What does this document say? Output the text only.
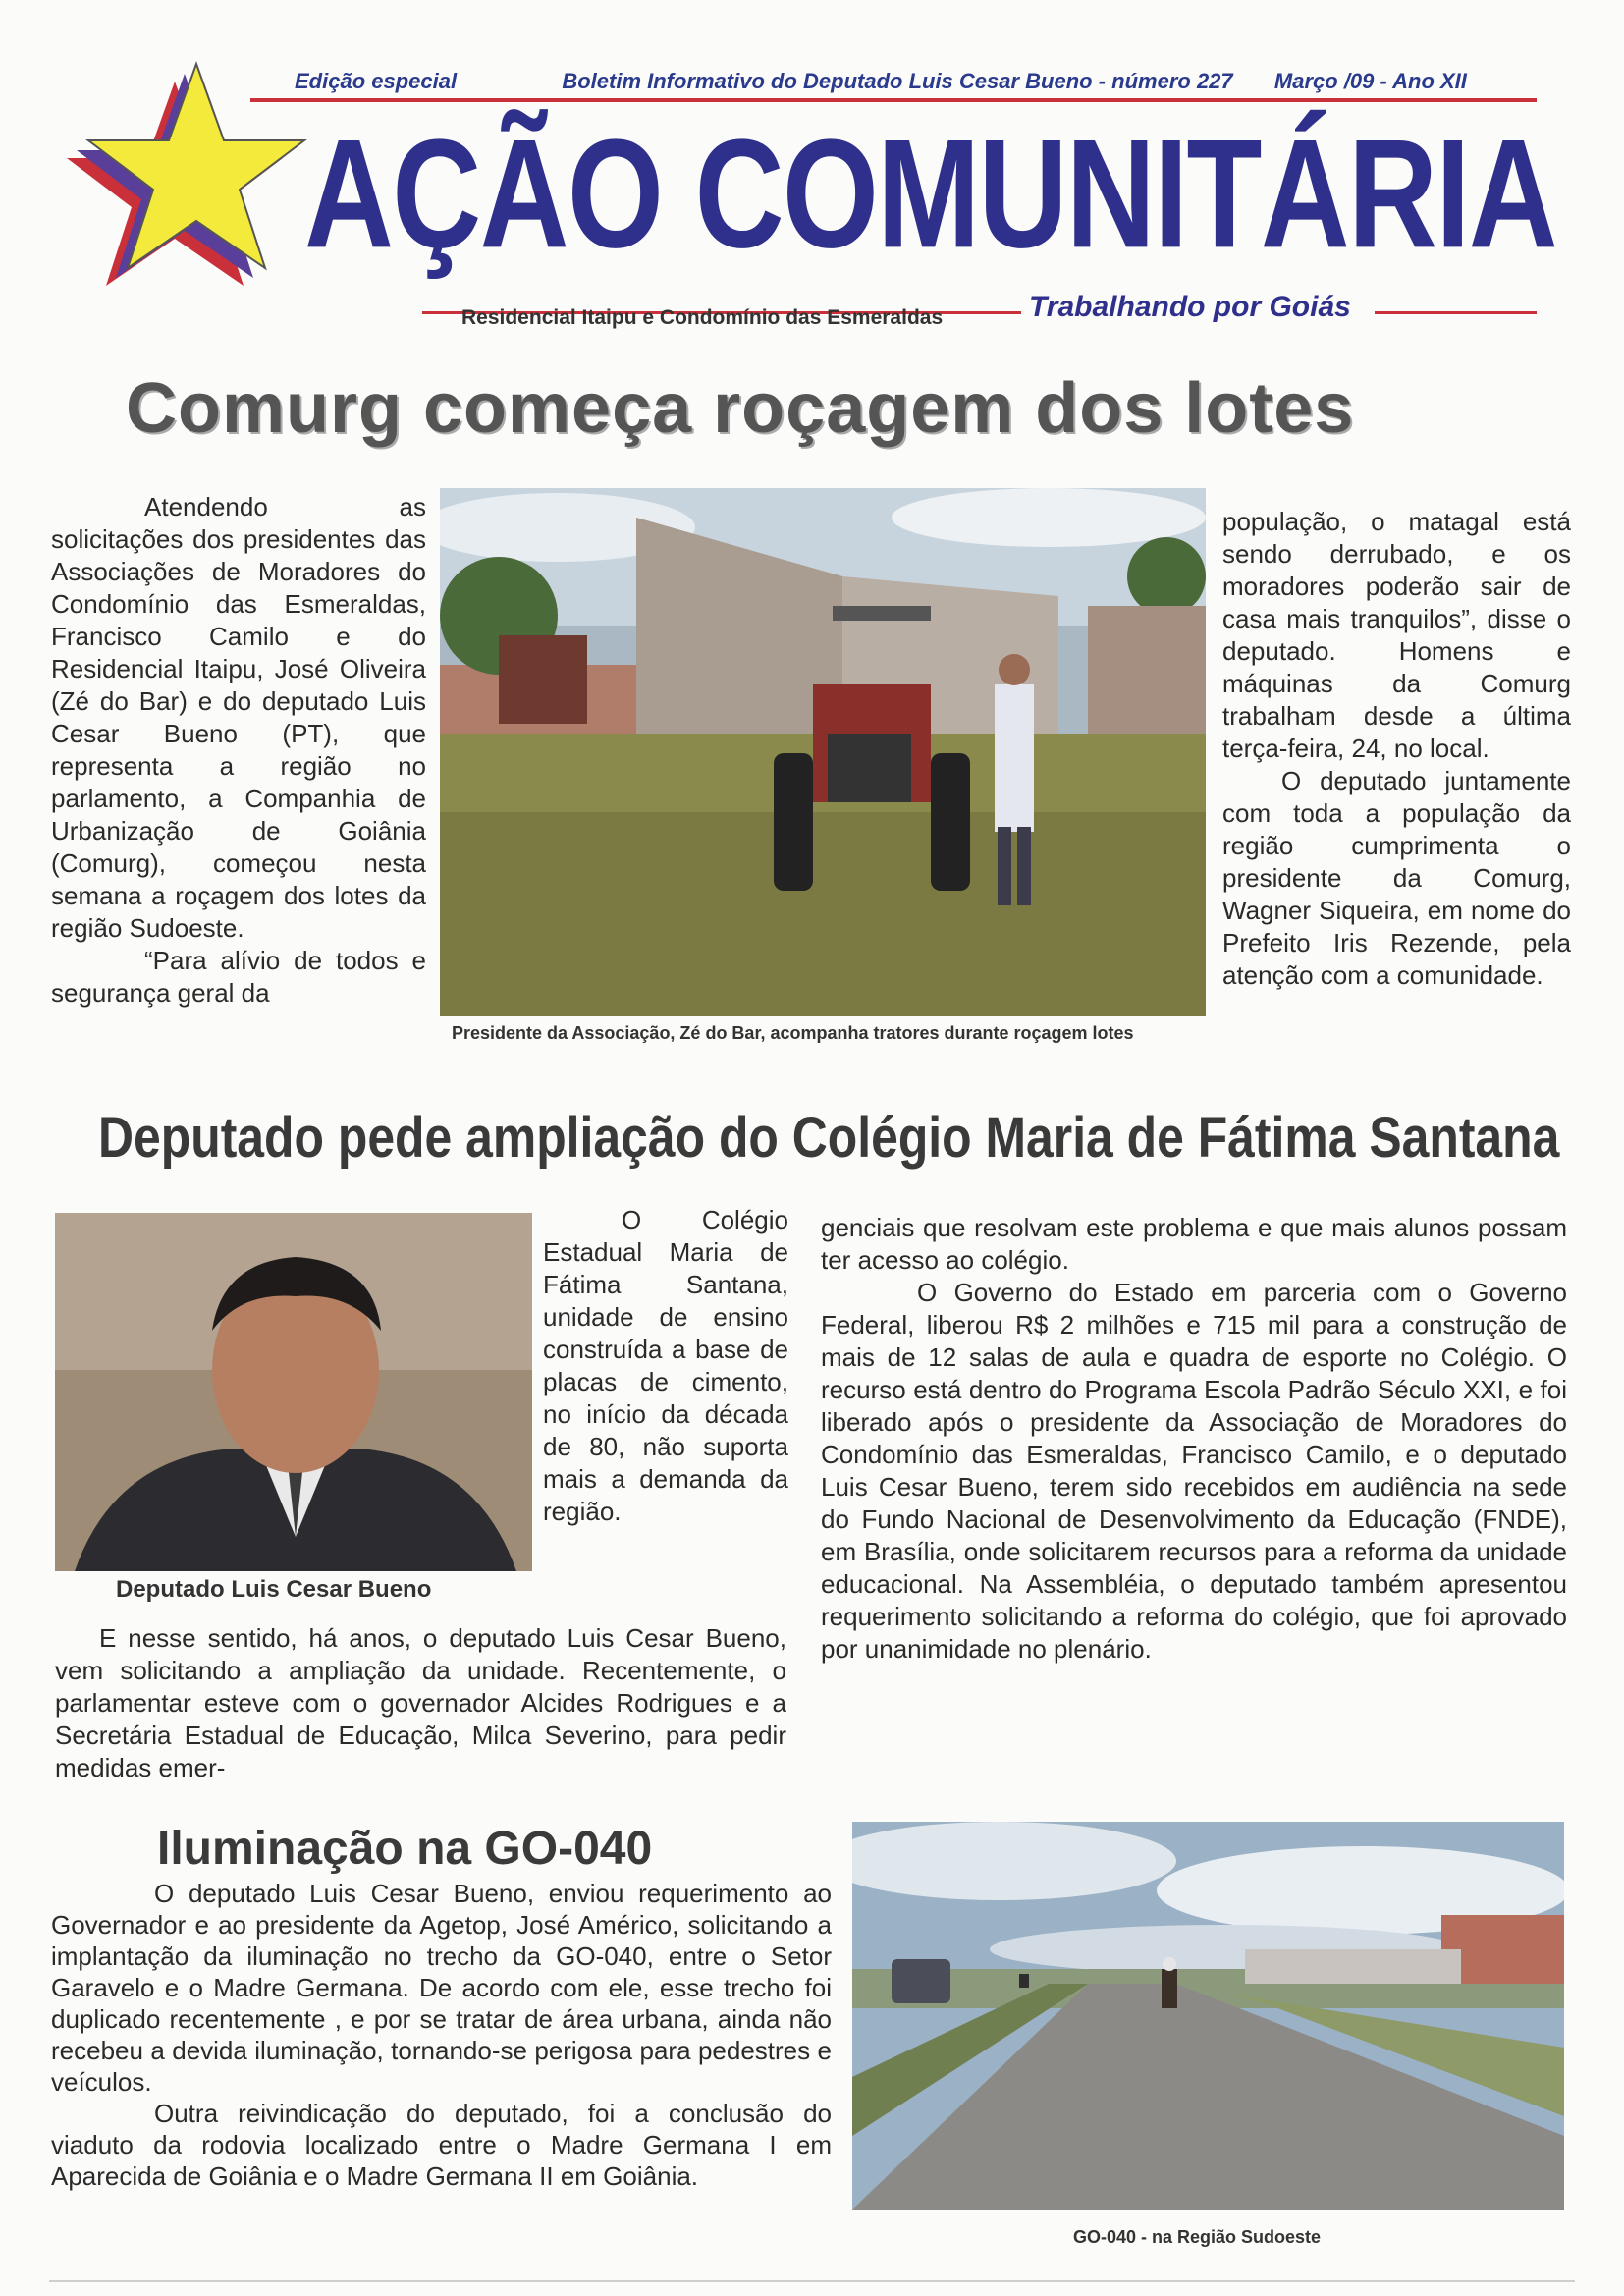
Edição especial	Boletim Informativo do Deputado Luis Cesar Bueno - número 227 Março /09 - Ano XII
AÇÃO COMUNITÁRIA
Residencial Itaipu e Condomínio das Esmeraldas	Trabalhando por Goiás
Comurg começa roçagem dos lotes

Atendendo as solicitações dos presidentes das Associações de Moradores do Condomínio das Esmeraldas, Francisco Camilo e do Residencial Itaipu, José Oliveira (Zé do Bar) e do deputado Luis Cesar Bueno (PT), que representa a região no parlamento, a Companhia de Urbanização de Goiânia (Comurg), começou nesta semana a roçagem dos lotes da região Sudoeste.

“Para alívio de todos e segurança geral da

Presidente da Associação, Zé do Bar, acompanha tratores durante roçagem lotes

população, o matagal está sendo derrubado, e os moradores poderão sair de casa mais tranquilos”, disse o deputado. Homens e máquinas da Comurg trabalham desde a última terça-feira, 24, no local.

O deputado juntamente com toda a população da região cumprimenta o presidente da Comurg, Wagner Siqueira, em nome do Prefeito Iris Rezende, pela atenção com a comunidade.

Deputado pede ampliação do Colégio Maria de Fátima Santana
Deputado Luis Cesar Bueno

O Colégio Estadual Maria de Fátima Santana, unidade de ensino construída a base de placas de cimento, no início da década de 80, não suporta mais a demanda da região.

E nesse sentido, há anos, o deputado Luis Cesar Bueno, vem solicitando a ampliação da unidade. Recentemente, o parlamentar esteve com o governador Alcides Rodrigues e a Secretária Estadual de Educação, Milca Severino, para pedir medidas emer-

genciais que resolvam este problema e que mais alunos possam ter acesso ao colégio.

O Governo do Estado em parceria com o Governo Federal, liberou R$ 2 milhões e 715 mil para a construção de mais de 12 salas de aula e quadra de esporte no Colégio. O recurso está dentro do Programa Escola Padrão Século XXI, e foi liberado após o presidente da Associação de Moradores do Condomínio das Esmeraldas, Francisco Camilo, e o deputado Luis Cesar Bueno, terem sido recebidos em audiência na sede do Fundo Nacional de Desenvolvimento da Educação (FNDE), em Brasília, onde solicitarem recursos para a reforma da unidade educacional. Na Assembléia, o deputado também apresentou requerimento solicitando a reforma do colégio, que foi aprovado por unanimidade no plenário.

Iluminação na GO-040

O deputado Luis Cesar Bueno, enviou requerimento ao Governador e ao presidente da Agetop, José Américo, solicitando a implantação da iluminação no trecho da GO-040, entre o Setor Garavelo e o Madre Germana. De acordo com ele, esse trecho foi duplicado recentemente , e por se tratar de área urbana, ainda não recebeu a devida iluminação, tornando-se perigosa para pedestres e veículos.

Outra reivindicação do deputado, foi a conclusão do viaduto da rodovia localizado entre o Madre Germana I em Aparecida de Goiânia e o Madre Germana II em Goiânia.

GO-040 - na Região Sudoeste
